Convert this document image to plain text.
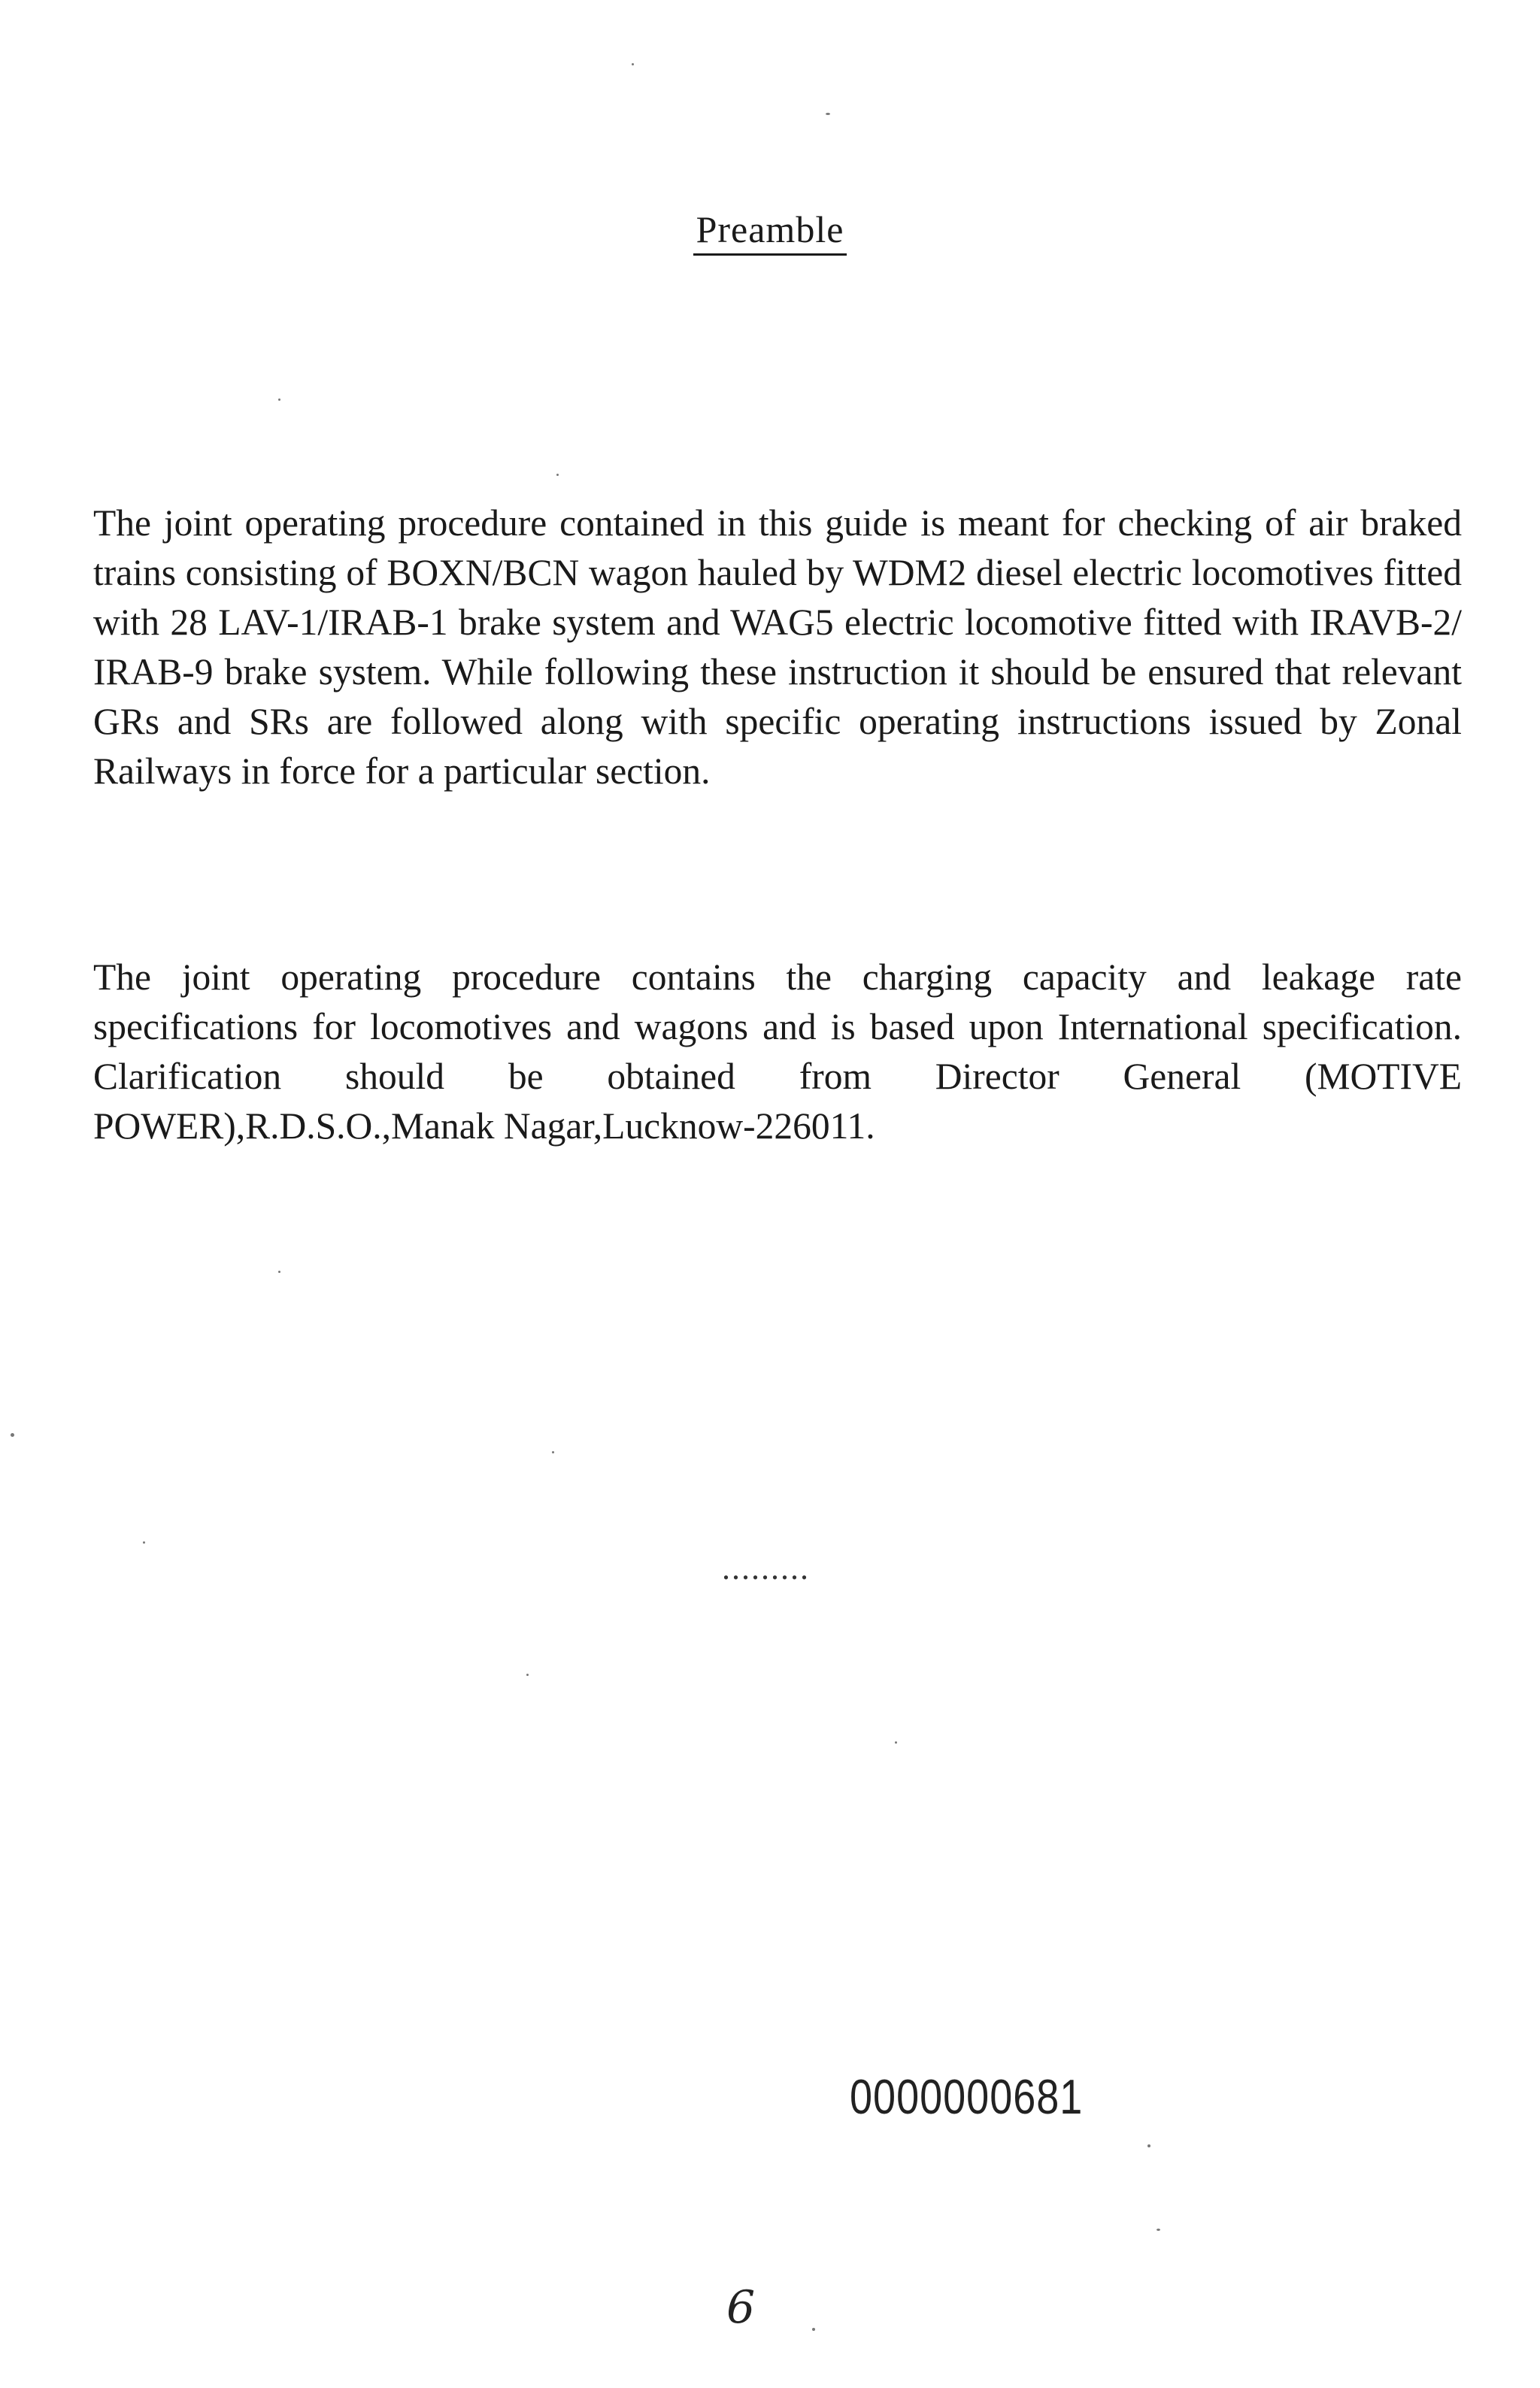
Preamble

The joint operating procedure contained in this guide is meant for checking of air braked trains consisting of BOXN/BCN wagon hauled by WDM2 diesel electric locomotives fitted with 28 LAV-1/IRAB-1 brake system and WAG5 electric locomotive fitted with IRAVB-2/ IRAB-9 brake system. While following these instruction it should be ensured that relevant GRs and SRs are followed along with specific operating instructions issued by Zonal Railways in force for a particular section.

The joint operating procedure contains the charging capacity and leakage rate specifications for locomotives and wagons and is based upon International specification. Clarification should be obtained from Director General (MOTIVE POWER),R.D.S.O.,Manak Nagar,Lucknow-226011.

.........
0000000681
6
